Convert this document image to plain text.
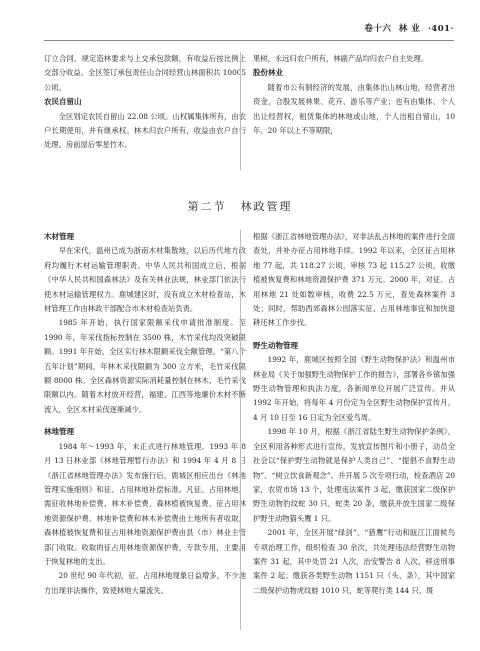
卷十六 林 业 ·401·

订立合同，规定造林要求与上交承包款额，有收益后按比例上交部分收益。全区签订承包责任山合同经营山林面积共 10005 公顷。

农民自留山

全区划定农民自留山 22.08 公顷。山权属集体所有，由农户长期使用，并有继承权。林木归农户所有，收益由农户自行处理。房前屋后零星竹木、

果树，永远归农户所有，林副产品均归农户自主处理。

股份林业

随着市公有制经济的发展，由集体出山林山地，经营者出资金，合股发展林果、花卉、游乐等产业；也有由集体、个人出让经营权，租赁集体的林地或山地，个人出租自留山，10 年、20 年以上不等期限，

第二节 林政管理
木材管理

早在宋代，温州已成为浙南木材集散地，以后历代地方政府均履行木材运输管理职责。中华人民共和国成立后，根据《中华人民共和国森林法》及有关林业法规，林业部门依法行使木材运输管理权力。鹿城建区时，没有成立木材检查站，木材管理工作由林政干部配合市木材检查站负责。

1985 年开始，执行国家限额采伐申请批准制度。至 1990 年，年采伐指标控制在 3500 株，木竹采伐均没突破限额。1991 年开始，全区实行林木限额采伐全额管理。“第八个五年计划”期间，年林木采伐限额为 300 立方米，毛竹采伐限额 8000 株。全区森林资源实际消耗量控制在林木、毛竹采伐限额以内。随着木材放开经营，福建、江西等地廉价木材不断流入，全区木材采伐逐渐减少。

林地管理

1984 年～1993 年，未正式进行林地管理。1993 年 8 月 13 日林业部《林地管理暂行办法》和 1994 年 4 月 8 日《浙江省林地管理办法》发布施行后，鹿城区相应出台《林地管理实施细则》和征、占用林地补偿标准。凡征、占用林地，需征收林地补偿费、林木补偿费、森林植被恢复费、征占用林地资源保护费。林地补偿费和林木补偿费由土地所有者收取，森林植被恢复费和征占用林地资源保护费由县（市）林业主管部门收取。收取的征占用林地资源保护费，专款专用，主要用于恢复林地的支出。

20 世纪 90 年代初，征、占用林地现象日益增多，不少地方出现非法操作，致使林地大量流失。

根据《浙江省林地管理办法》，对非法乱占林地的案件进行全面查处，并补办征占用林地手续。1992 年以来，全区征占用林地 77 起，共 118.27 公顷，审核 73 起 115.27 公顷，收缴植被恢复费和林地资源保护费 371 万元。2000 年，对征、占用林地 21 处如数审核，收费 22.5 万元，查处森林案件 3 处；同时，帮助西郊森林公园落实征、占用林地事宜和加快退耕还林工作步伐。

野生动物管理

1992 年，鹿城区按照全国《野生动物保护法》和温州市林业局《关于加强野生动物保护工作的报告》，部署各乡镇加强野生动物管理和执法力度，各新闻单位开展广泛宣传。并从 1992 年开始，将每年 4 月份定为全区野生动物保护宣传月，4 月 10 日至 16 日定为全区爱鸟周。

1998 年 10 月，根据《浙江省陆生野生动物保护条例》，全区利用各种形式进行宣传，发放宣传图片和小册子，动员全社会以“保护野生动物就是保护人类自己”、“提倡不食野生动物”、“树立饮食新观念”。并开展 5 次专项行动，检查酒店 20 家，农贸市场 13 个，处理违法案件 3 起，缴获国家二级保护野生动物豹纹蛇 30 只，蛇类 20 条，缴获并放生国家二级保护野生动物猫头鹰 1 只。

2001 年，全区开展“绿剑”、“猎鹰”行动和瓯江江面候鸟专项治理工作，组织检查 30 余次，共处理违法经营野生动物案件 31 起，其中处罚 21 人次，治安警告 8 人次，移送刑事案件 2 起；缴获各类野生动物 1151 只（头、条），其中国家二级保护动物虎纹蛙 1010 只，蛇等爬行类 144 只，斑
